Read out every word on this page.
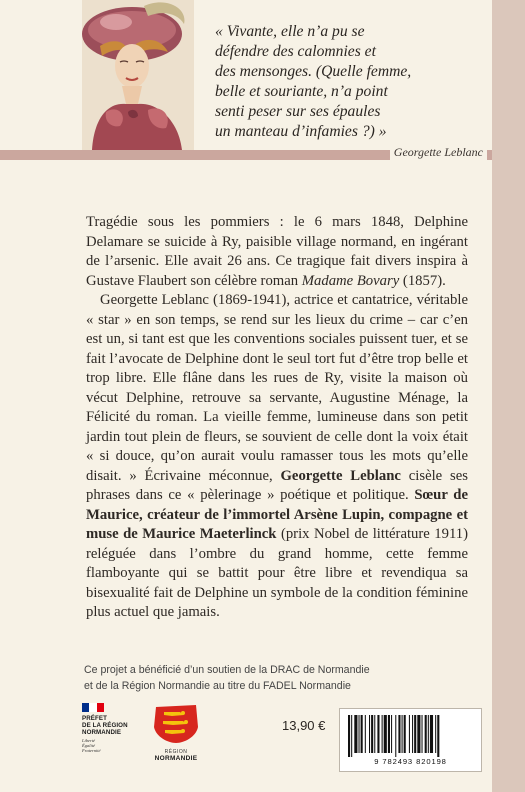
« Vivante, elle n’a pu se
défendre des calomnies et
des mensonges. (Quelle femme,
belle et souriante, n’a point
senti peser sur ses épaules
un manteau d’infamies ?) »
Georgette Leblanc

Tragédie sous les pommiers : le 6 mars 1848, Delphine Delamare se suicide à Ry, paisible village normand, en ingérant de l’arsenic. Elle avait 26 ans. Ce tragique fait divers inspira à Gustave Flaubert son célèbre roman Madame Bovary (1857).

Georgette Leblanc (1869-1941), actrice et cantatrice, véritable « star » en son temps, se rend sur les lieux du crime – car c’en est un, si tant est que les conventions sociales puissent tuer, et se fait l’avocate de Delphine dont le seul tort fut d’être trop belle et trop libre. Elle flâne dans les rues de Ry, visite la maison où vécut Delphine, retrouve sa servante, Augustine Ménage, la Félicité du roman. La vieille femme, lumineuse dans son petit jardin tout plein de fleurs, se souvient de celle dont la voix était « si douce, qu’on aurait voulu ramasser tous les mots qu’elle disait. » Écrivaine méconnue, Georgette Leblanc cisèle ses phrases dans ce « pèlerinage » poétique et politique. Sœur de Maurice, créateur de l’immortel Arsène Lupin, compagne et muse de Maurice Maeterlinck (prix Nobel de littérature 1911) reléguée dans l’ombre du grand homme, cette femme flamboyante qui se battit pour être libre et revendiqua sa bisexualité fait de Delphine un symbole de la condition féminine plus actuel que jamais.

Ce projet a bénéficié d’un soutien de la DRAC de Normandie
et de la Région Normandie au titre du FADEL Normandie
PRÉFET
DE LA RÉGION
NORMANDIE
Liberté
Égalité
Fraternité	RÉGION
NORMANDIE
13,90 €
9 782493 820198
